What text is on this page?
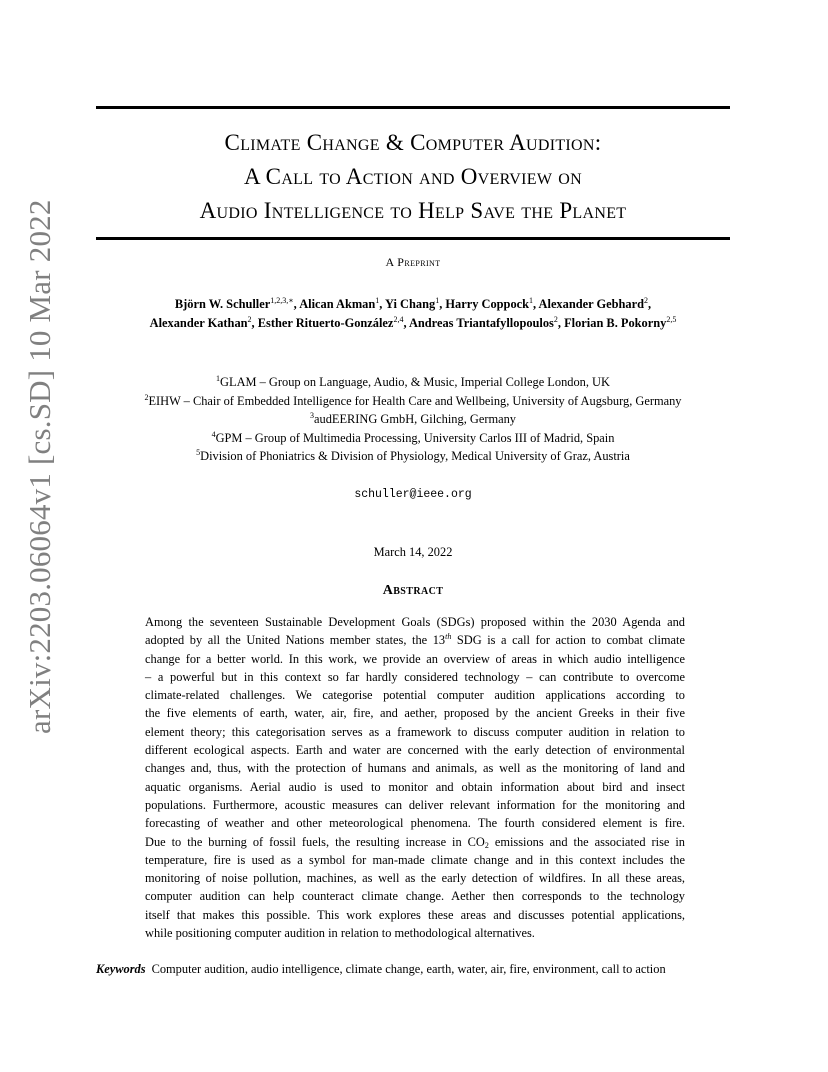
arXiv:2203.06064v1 [cs.SD] 10 Mar 2022
Climate Change & Computer Audition:
A Call to Action and Overview on
Audio Intelligence to Help Save the Planet
A Preprint
Björn W. Schuller$^{1,2,3,∗}$, Alican Akman$^1$, Yi Chang$^1$, Harry Coppock$^1$, Alexander Gebhard$^2$,
Alexander Kathan$^2$, Esther Rituerto-González$^{2,4}$, Andreas Triantafyllopoulos$^2$, Florian B. Pokorny$^{2,5}$
$^1$GLAM – Group on Language, Audio, & Music, Imperial College London, UK
$^2$EIHW – Chair of Embedded Intelligence for Health Care and Wellbeing, University of Augsburg, Germany
$^3$audEERING GmbH, Gilching, Germany
$^4$GPM – Group of Multimedia Processing, University Carlos III of Madrid, Spain
$^5$Division of Phoniatrics & Division of Physiology, Medical University of Graz, Austria
schuller@ieee.org
March 14, 2022
Abstract
Among the seventeen Sustainable Development Goals (SDGs) proposed within the 2030 Agenda and
adopted by all the United Nations member states, the 13th SDG is a call for action to combat climate
change for a better world. In this work, we provide an overview of areas in which audio intelligence
– a powerful but in this context so far hardly considered technology – can contribute to overcome
climate-related challenges. We categorise potential computer audition applications according to
the five elements of earth, water, air, fire, and aether, proposed by the ancient Greeks in their five
element theory; this categorisation serves as a framework to discuss computer audition in relation to
different ecological aspects. Earth and water are concerned with the early detection of environmental
changes and, thus, with the protection of humans and animals, as well as the monitoring of land and
aquatic organisms. Aerial audio is used to monitor and obtain information about bird and insect
populations. Furthermore, acoustic measures can deliver relevant information for the monitoring and
forecasting of weather and other meteorological phenomena. The fourth considered element is fire.
Due to the burning of fossil fuels, the resulting increase in $CO_2$ emissions and the associated rise in
temperature, fire is used as a symbol for man-made climate change and in this context includes the
monitoring of noise pollution, machines, as well as the early detection of wildfires. In all these areas,
computer audition can help counteract climate change. Aether then corresponds to the technology
itself that makes this possible. This work explores these areas and discusses potential applications,
while positioning computer audition in relation to methodological alternatives.
Keywords Computer audition, audio intelligence, climate change, earth, water, air, fire, environment, call to action
